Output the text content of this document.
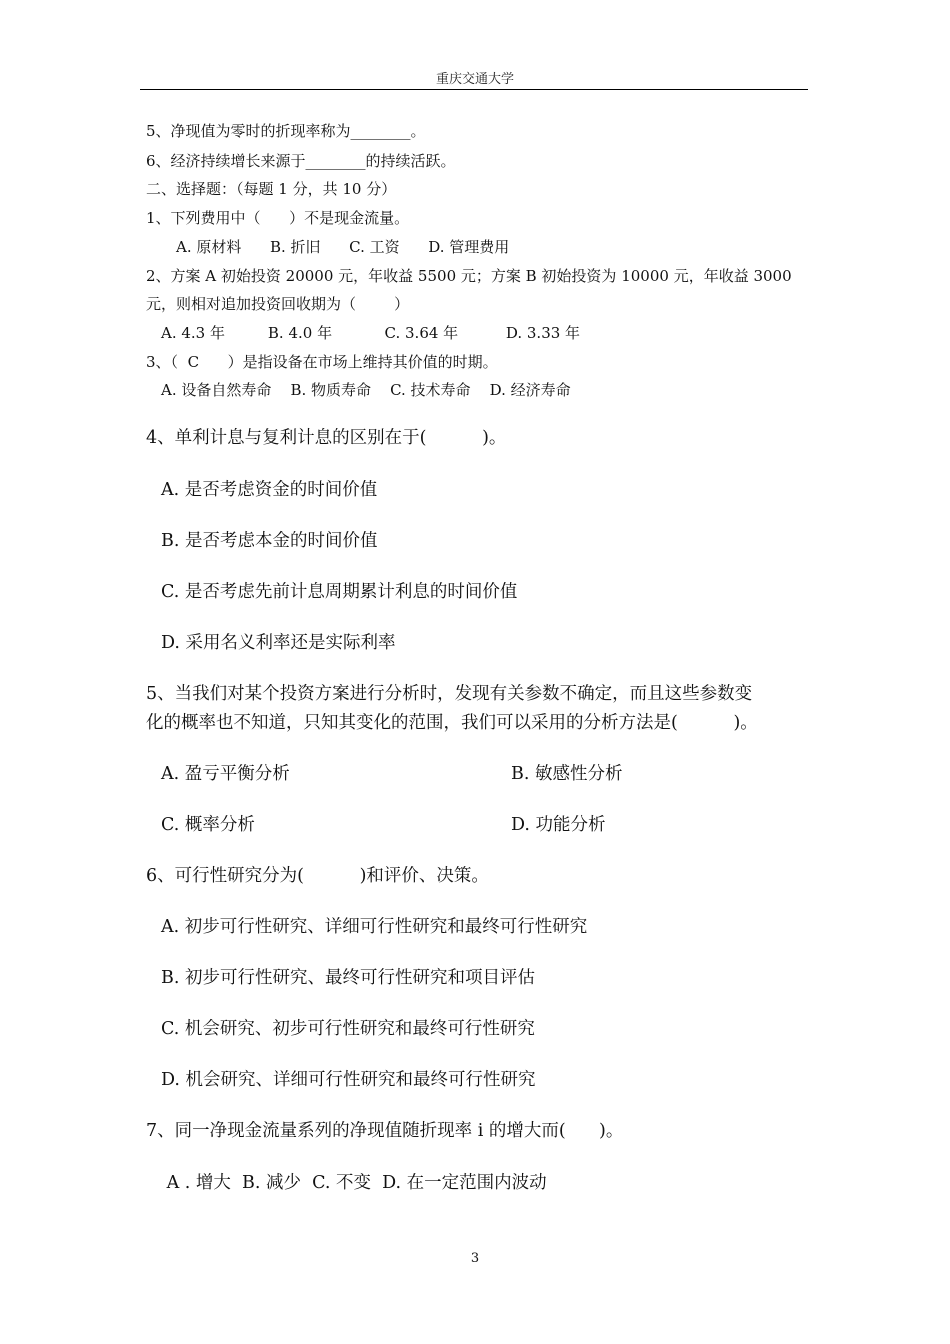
重庆交通大学
5、净现值为零时的折现率称为________。
6、经济持续增长来源于________的持续活跃。
二、选择题：（每题 1 分，共 10 分）
1、下列费用中（      ）不是现金流量。
A. 原材料      B. 折旧      C. 工资      D. 管理费用
2、方案 A 初始投资 20000 元，年收益 5500 元；方案 B 初始投资为 10000 元，年收益 3000
元，则相对追加投资回收期为（        ）
A. 4.3 年         B. 4.0 年           C. 3.64 年          D. 3.33 年
3、（  C      ）是指设备在市场上维持其价值的时期。
A. 设备自然寿命    B. 物质寿命    C. 技术寿命    D. 经济寿命
4、单利计息与复利计息的区别在于(          )。
A. 是否考虑资金的时间价值
B. 是否考虑本金的时间价值
C. 是否考虑先前计息周期累计利息的时间价值
D. 采用名义利率还是实际利率
5、当我们对某个投资方案进行分析时，发现有关参数不确定，而且这些参数变
化的概率也不知道，只知其变化的范围，我们可以采用的分析方法是(          )。
A. 盈亏平衡分析	B. 敏感性分析
C. 概率分析	D. 功能分析
6、可行性研究分为(          )和评价、决策。
A. 初步可行性研究、详细可行性研究和最终可行性研究
B. 初步可行性研究、最终可行性研究和项目评估
C. 机会研究、初步可行性研究和最终可行性研究
D. 机会研究、详细可行性研究和最终可行性研究
7、同一净现金流量系列的净现值随折现率 i 的增大而(      )。
A . 增大  B. 减少  C. 不变  D. 在一定范围内波动
3
